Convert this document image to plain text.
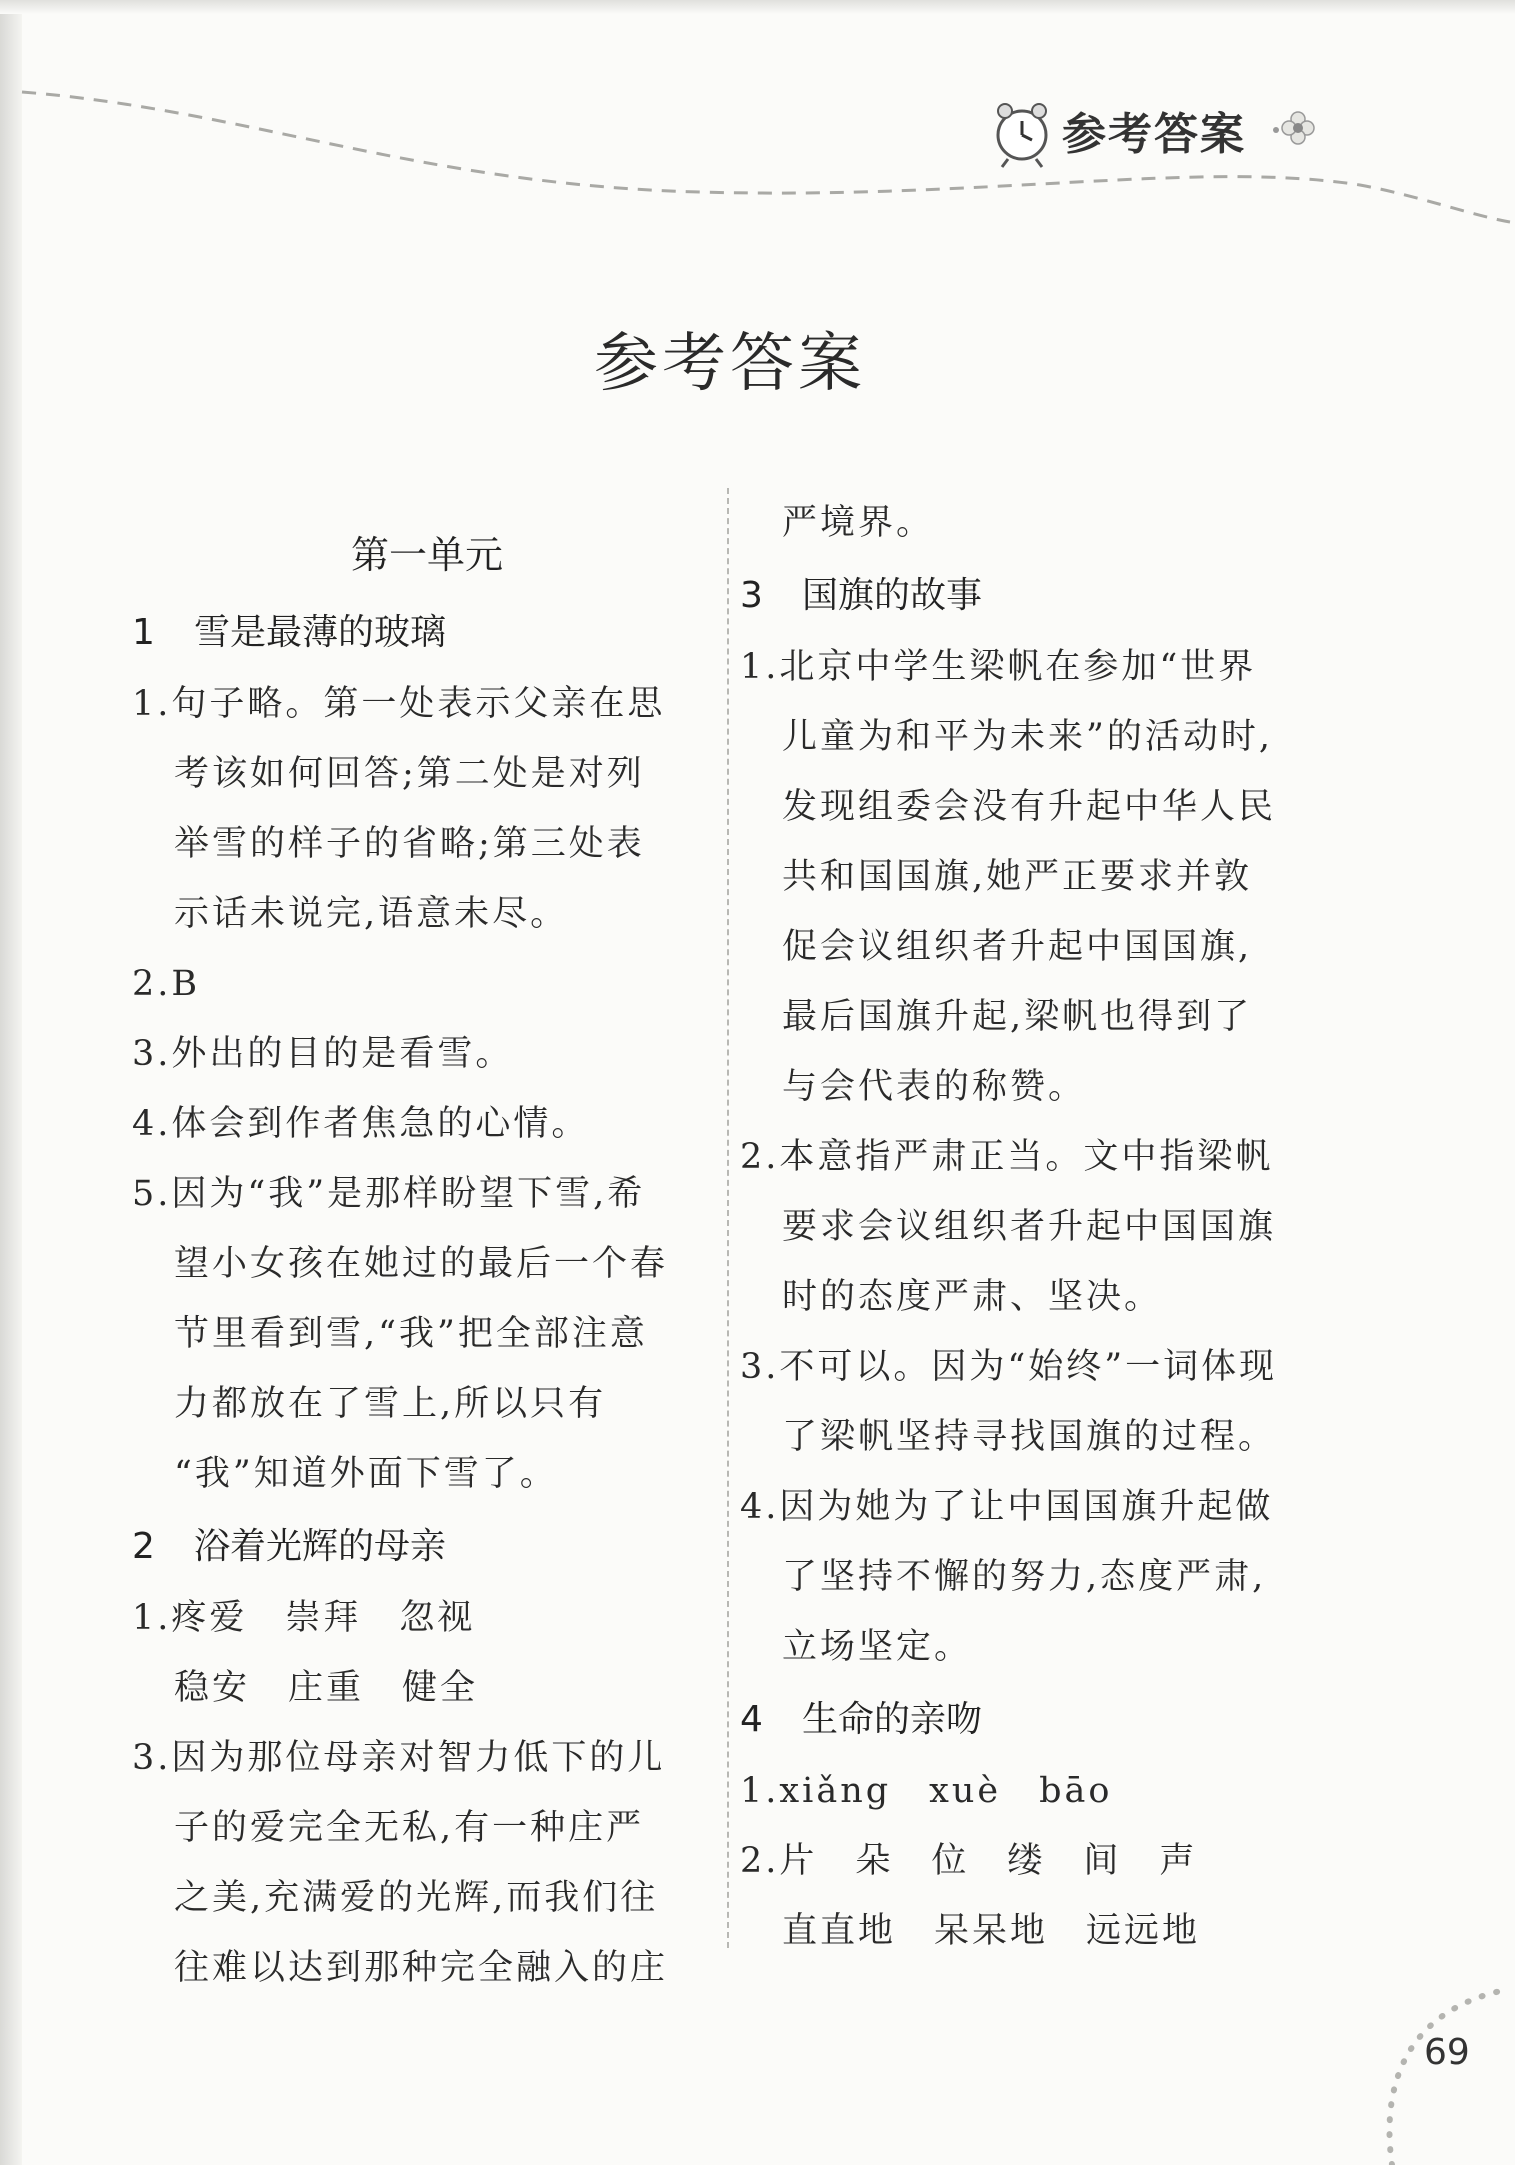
参考答案
参考答案
第一单元
1 雪是最薄的玻璃
1.句子略。第一处表示父亲在思
考该如何回答;第二处是对列
举雪的样子的省略;第三处表
示话未说完,语意未尽。
2.B
3.外出的目的是看雪。
4.体会到作者焦急的心情。
5.因为“我”是那样盼望下雪,希
望小女孩在她过的最后一个春
节里看到雪,“我”把全部注意
力都放在了雪上,所以只有
“我”知道外面下雪了。
2 浴着光辉的母亲
1.疼爱　崇拜　忽视
稳安　庄重　健全
3.因为那位母亲对智力低下的儿
子的爱完全无私,有一种庄严
之美,充满爱的光辉,而我们往
往难以达到那种完全融入的庄
严境界。
3 国旗的故事
1.北京中学生梁帆在参加“世界
儿童为和平为未来”的活动时,
发现组委会没有升起中华人民
共和国国旗,她严正要求并敦
促会议组织者升起中国国旗,
最后国旗升起,梁帆也得到了
与会代表的称赞。
2.本意指严肃正当。文中指梁帆
要求会议组织者升起中国国旗
时的态度严肃、坚决。
3.不可以。因为“始终”一词体现
了梁帆坚持寻找国旗的过程。
4.因为她为了让中国国旗升起做
了坚持不懈的努力,态度严肃,
立场坚定。
4 生命的亲吻
1.xiǎng　xuè　bāo
2.片　朵　位　缕　间　声
直直地　呆呆地　远远地
69
